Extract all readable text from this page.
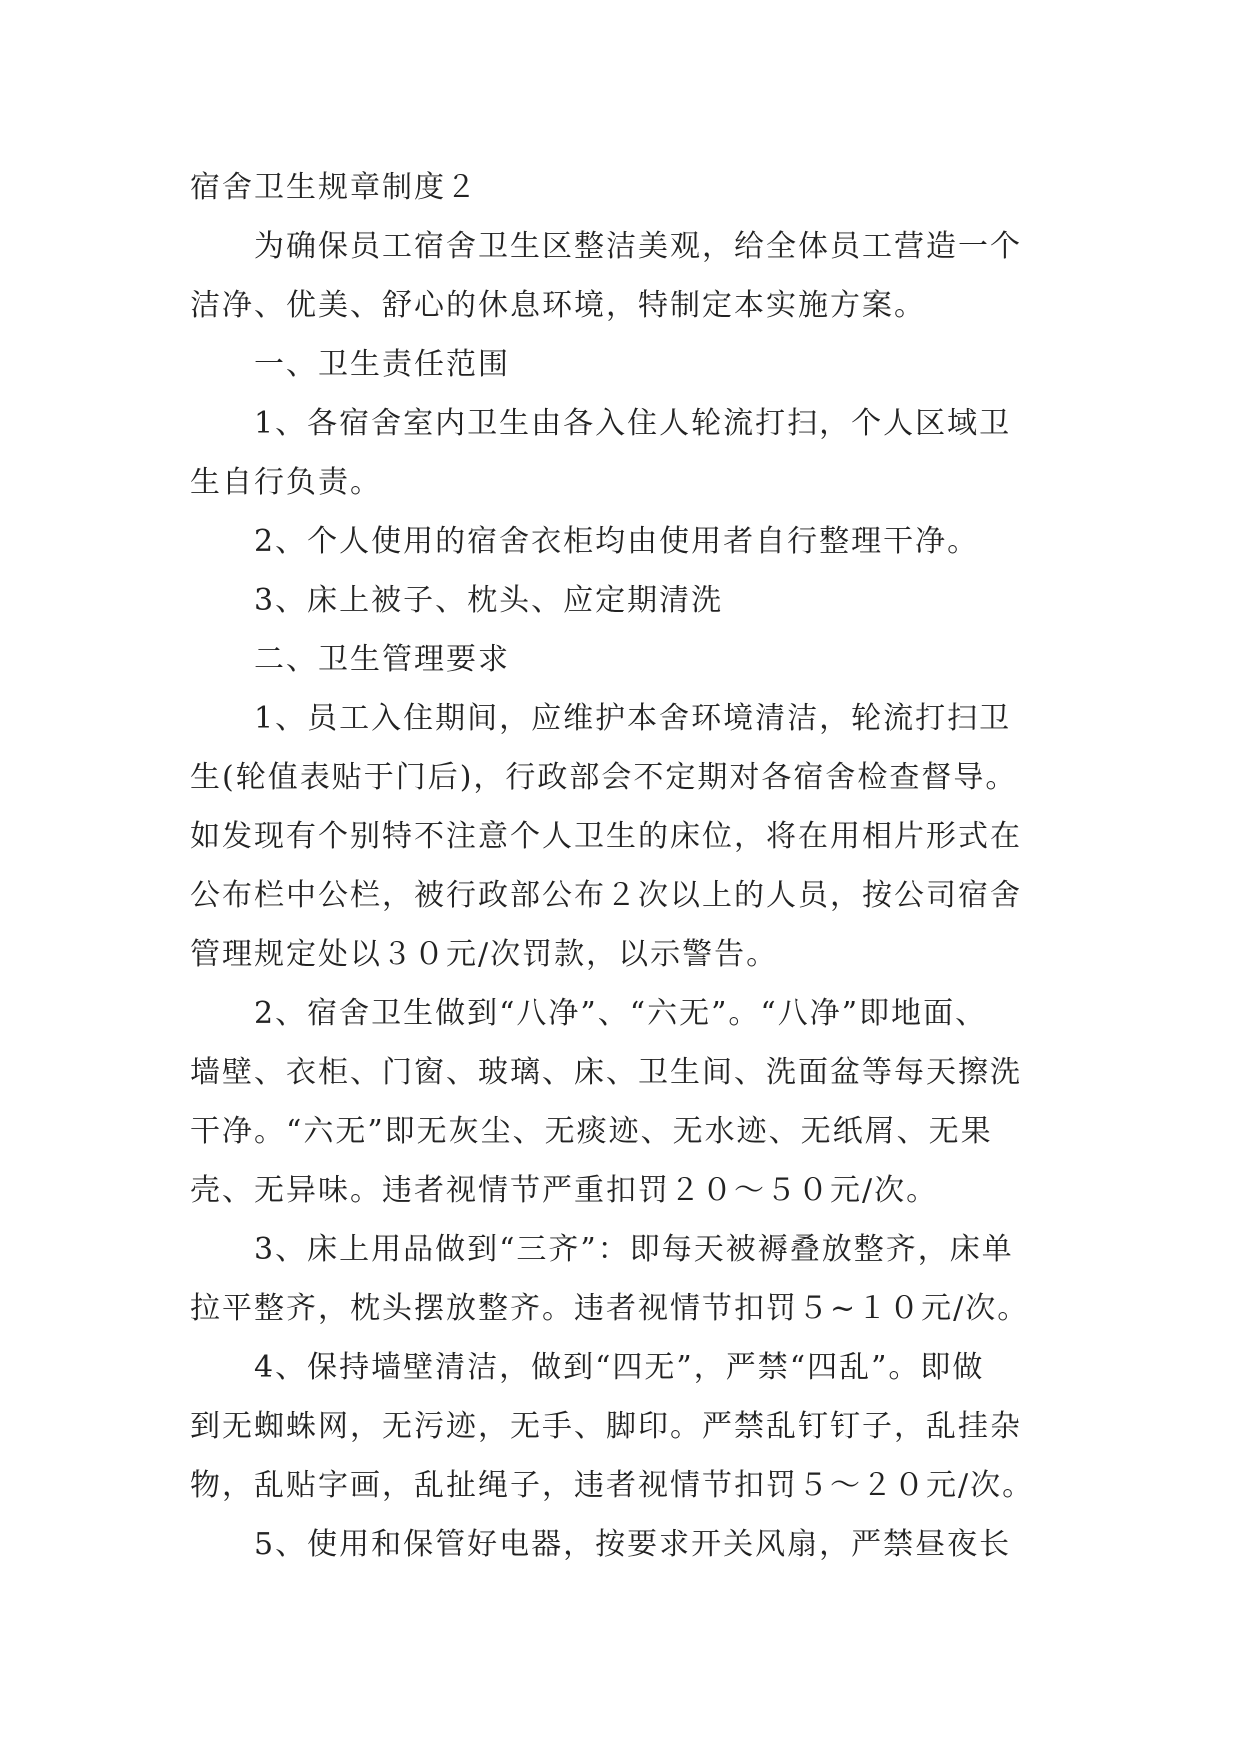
宿舍卫生规章制度２

为确保员工宿舍卫生区整洁美观，给全体员工营造一个

洁净、优美、舒心的休息环境，特制定本实施方案。

一、卫生责任范围

1、各宿舍室内卫生由各入住人轮流打扫，个人区域卫

生自行负责。

2、个人使用的宿舍衣柜均由使用者自行整理干净。

3、床上被子、枕头、应定期清洗

二、卫生管理要求

1、员工入住期间，应维护本舍环境清洁，轮流打扫卫

生(轮值表贴于门后)，行政部会不定期对各宿舍检查督导。

如发现有个别特不注意个人卫生的床位，将在用相片形式在

公布栏中公栏，被行政部公布２次以上的人员，按公司宿舍

管理规定处以３０元/次罚款，以示警告。

2、宿舍卫生做到“八净”、“六无”。“八净”即地面、

墙壁、衣柜、门窗、玻璃、床、卫生间、洗面盆等每天擦洗

干净。“六无”即无灰尘、无痰迹、无水迹、无纸屑、无果

壳、无异味。违者视情节严重扣罚２０～５０元/次。

3、床上用品做到“三齐”：即每天被褥叠放整齐，床单

拉平整齐，枕头摆放整齐。违者视情节扣罚５~１０元/次。

4、保持墙壁清洁，做到“四无”，严禁“四乱”。即做

到无蜘蛛网，无污迹，无手、脚印。严禁乱钉钉子，乱挂杂

物，乱贴字画，乱扯绳子，违者视情节扣罚５～２０元/次。

5、使用和保管好电器，按要求开关风扇，严禁昼夜长
